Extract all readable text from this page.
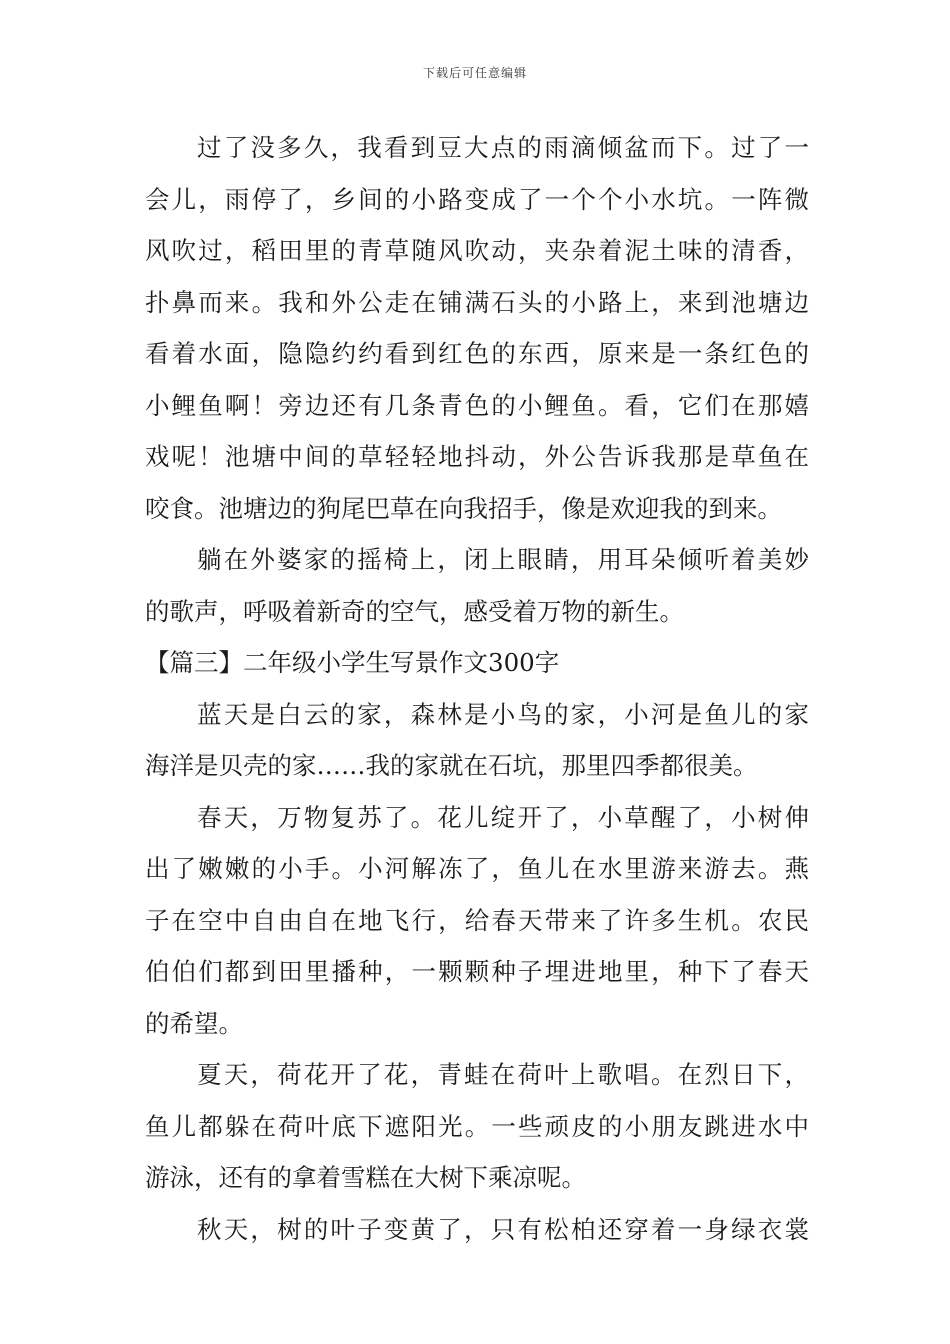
下载后可任意编辑
过了没多久，我看到豆大点的雨滴倾盆而下。过了一
会儿，雨停了，乡间的小路变成了一个个小水坑。一阵微
风吹过，稻田里的青草随风吹动，夹杂着泥土味的清香，
扑鼻而来。我和外公走在铺满石头的小路上，来到池塘边
看着水面，隐隐约约看到红色的东西，原来是一条红色的
小鲤鱼啊！旁边还有几条青色的小鲤鱼。看，它们在那嬉
戏呢！池塘中间的草轻轻地抖动，外公告诉我那是草鱼在
咬食。池塘边的狗尾巴草在向我招手，像是欢迎我的到来。
躺在外婆家的摇椅上，闭上眼睛，用耳朵倾听着美妙
的歌声，呼吸着新奇的空气，感受着万物的新生。
【篇三】二年级小学生写景作文300字
蓝天是白云的家，森林是小鸟的家，小河是鱼儿的家
海洋是贝壳的家……我的家就在石坑，那里四季都很美。
春天，万物复苏了。花儿绽开了，小草醒了，小树伸
出了嫩嫩的小手。小河解冻了，鱼儿在水里游来游去。燕
子在空中自由自在地飞行，给春天带来了许多生机。农民
伯伯们都到田里播种，一颗颗种子埋进地里，种下了春天
的希望。
夏天，荷花开了花，青蛙在荷叶上歌唱。在烈日下，
鱼儿都躲在荷叶底下遮阳光。一些顽皮的小朋友跳进水中
游泳，还有的拿着雪糕在大树下乘凉呢。
秋天，树的叶子变黄了，只有松柏还穿着一身绿衣裳
